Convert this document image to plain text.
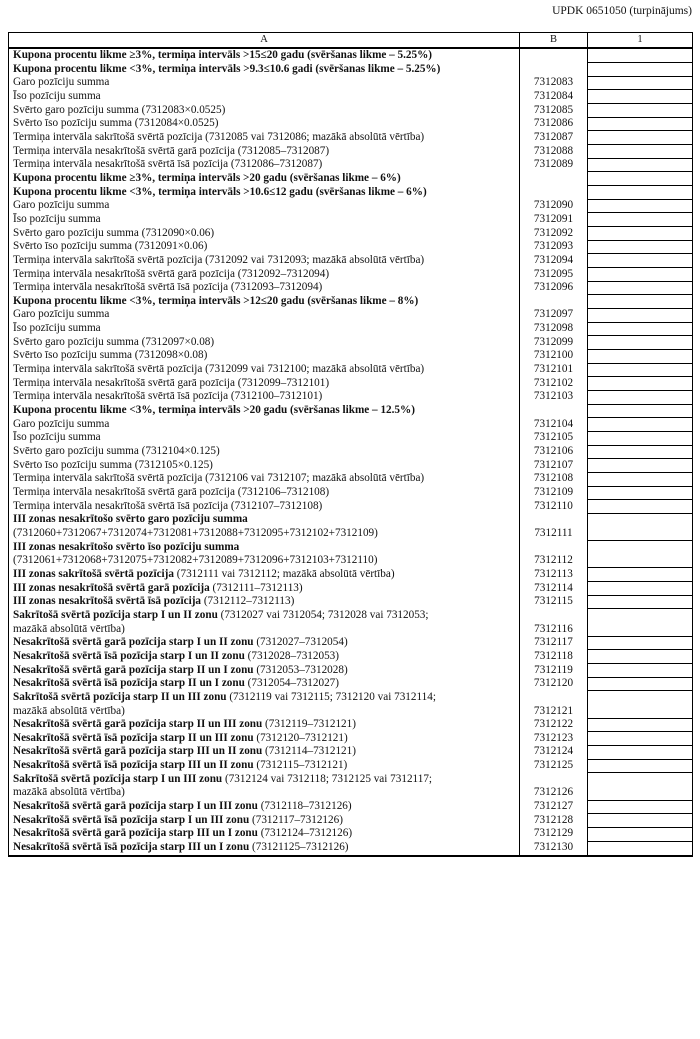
UPDK 0651050 (turpinājums)
A	B	1
Kupona procentu likme ≥3%, termiņa intervāls >15≤20 gadu (svēršanas likme – 5.25%)		
Kupona procentu likme <3%, termiņa intervāls >9.3≤10.6 gadi (svēršanas likme – 5.25%)		
Garo pozīciju summa	7312083	
Īso pozīciju summa	7312084	
Svērto garo pozīciju summa (7312083×0.0525)	7312085	
Svērto īso pozīciju summa (7312084×0.0525)	7312086	
Termiņa intervāla sakrītošā svērtā pozīcija (7312085 vai 7312086; mazākā absolūtā vērtība)	7312087	
Termiņa intervāla nesakrītošā svērtā garā pozīcija (7312085–7312087)	7312088	
Termiņa intervāla nesakrītošā svērtā īsā pozīcija (7312086–7312087)	7312089	
Kupona procentu likme ≥3%, termiņa intervāls >20 gadu (svēršanas likme – 6%)		
Kupona procentu likme <3%, termiņa intervāls >10.6≤12 gadu (svēršanas likme – 6%)		
Garo pozīciju summa	7312090	
Īso pozīciju summa	7312091	
Svērto garo pozīciju summa (7312090×0.06)	7312092	
Svērto īso pozīciju summa (7312091×0.06)	7312093	
Termiņa intervāla sakrītošā svērtā pozīcija (7312092 vai 7312093; mazākā absolūtā vērtība)	7312094	
Termiņa intervāla nesakrītošā svērtā garā pozīcija (7312092–7312094)	7312095	
Termiņa intervāla nesakrītošā svērtā īsā pozīcija (7312093–7312094)	7312096	
Kupona procentu likme <3%, termiņa intervāls >12≤20 gadu (svēršanas likme – 8%)		
Garo pozīciju summa	7312097	
Īso pozīciju summa	7312098	
Svērto garo pozīciju summa (7312097×0.08)	7312099	
Svērto īso pozīciju summa (7312098×0.08)	7312100	
Termiņa intervāla sakrītošā svērtā pozīcija (7312099 vai 7312100; mazākā absolūtā vērtība)	7312101	
Termiņa intervāla nesakrītošā svērtā garā pozīcija (7312099–7312101)	7312102	
Termiņa intervāla nesakrītošā svērtā īsā pozīcija (7312100–7312101)	7312103	
Kupona procentu likme <3%, termiņa intervāls >20 gadu (svēršanas likme – 12.5%)		
Garo pozīciju summa	7312104	
Īso pozīciju summa	7312105	
Svērto garo pozīciju summa (7312104×0.125)	7312106	
Svērto īso pozīciju summa (7312105×0.125)	7312107	
Termiņa intervāla sakrītošā svērtā pozīcija (7312106 vai 7312107; mazākā absolūtā vērtība)	7312108	
Termiņa intervāla nesakrītošā svērtā garā pozīcija (7312106–7312108)	7312109	
Termiņa intervāla nesakrītošā svērtā īsā pozīcija (7312107–7312108)	7312110	
III zonas nesakrītošo svērto garo pozīciju summa
(7312060+7312067+7312074+7312081+7312088+7312095+7312102+7312109)	7312111	
III zonas nesakrītošo svērto īso pozīciju summa
(7312061+7312068+7312075+7312082+7312089+7312096+7312103+7312110)	7312112	
III zonas sakrītošā svērtā pozīcija (7312111 vai 7312112; mazākā absolūtā vērtība)	7312113	
III zonas nesakrītošā svērtā garā pozīcija (7312111–7312113)	7312114	
III zonas nesakrītošā svērtā īsā pozīcija (7312112–7312113)	7312115	
Sakrītošā svērtā pozīcija starp I un II zonu (7312027 vai 7312054; 7312028 vai 7312053;
mazākā absolūtā vērtība)	7312116	
Nesakrītošā svērtā garā pozīcija starp I un II zonu (7312027–7312054)	7312117	
Nesakrītošā svērtā īsā pozīcija starp I un II zonu (7312028–7312053)	7312118	
Nesakrītošā svērtā garā pozīcija starp II un I zonu (7312053–7312028)	7312119	
Nesakrītošā svērtā īsā pozīcija starp II un I zonu (7312054–7312027)	7312120	
Sakrītošā svērtā pozīcija starp II un III zonu (7312119 vai 7312115; 7312120 vai 7312114;
mazākā absolūtā vērtība)	7312121	
Nesakrītošā svērtā garā pozīcija starp II un III zonu (7312119–7312121)	7312122	
Nesakrītošā svērtā īsā pozīcija starp II un III zonu (7312120–7312121)	7312123	
Nesakrītošā svērtā garā pozīcija starp III un II zonu (7312114–7312121)	7312124	
Nesakrītošā svērtā īsā pozīcija starp III un II zonu (7312115–7312121)	7312125	
Sakrītošā svērtā pozīcija starp I un III zonu (7312124 vai 7312118; 7312125 vai 7312117;
mazākā absolūtā vērtība)	7312126	
Nesakrītošā svērtā garā pozīcija starp I un III zonu (7312118–7312126)	7312127	
Nesakrītošā svērtā īsā pozīcija starp I un III zonu (7312117–7312126)	7312128	
Nesakrītošā svērtā garā pozīcija starp III un I zonu (7312124–7312126)	7312129	
Nesakrītošā svērtā īsā pozīcija starp III un I zonu (73121125–7312126)	7312130	
